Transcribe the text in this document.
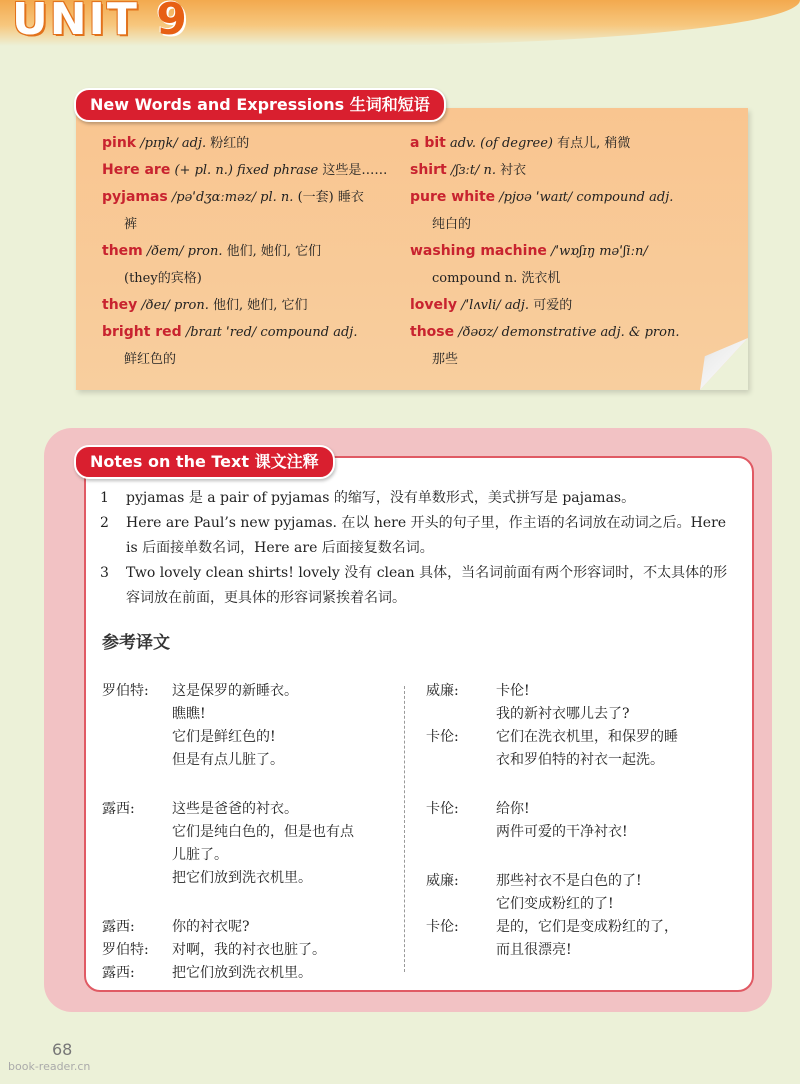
UNIT 9
New Words and Expressions 生词和短语
pink /pɪŋk/ adj. 粉红的
Here are (+ pl. n.) fixed phrase 这些是……
pyjamas /pəˈdʒɑːməz/ pl. n. (一套) 睡衣
裤
them /ðem/ pron. 他们, 她们, 它们
(they的宾格)
they /ðeɪ/ pron. 他们, 她们, 它们
bright red /braɪt ˈred/ compound adj.
鲜红色的
a bit adv. (of degree) 有点儿, 稍微
shirt /ʃɜːt/ n. 衬衣
pure white /pjʊə ˈwaɪt/ compound adj.
纯白的
washing machine /ˈwɒʃɪŋ məˈʃiːn/
compound n. 洗衣机
lovely /ˈlʌvli/ adj. 可爱的
those /ðəʊz/ demonstrative adj. & pron.
那些
Notes on the Text 课文注释
1	pyjamas 是 a pair of pyjamas 的缩写，没有单数形式，美式拼写是 pajamas。
2	Here are Paul’s new pyjamas. 在以 here 开头的句子里，作主语的名词放在动词之后。Here is 后面接单数名词，Here are 后面接复数名词。
3	Two lovely clean shirts! lovely 没有 clean 具体，当名词前面有两个形容词时，不太具体的形容词放在前面，更具体的形容词紧挨着名词。
参考译文
罗伯特:	这是保罗的新睡衣。
瞧瞧!
它们是鲜红色的!
但是有点儿脏了。
露西:	这些是爸爸的衬衣。
它们是纯白色的，但是也有点
儿脏了。
把它们放到洗衣机里。
露西:	你的衬衣呢?
罗伯特:	对啊，我的衬衣也脏了。
露西:	把它们放到洗衣机里。
威廉:	卡伦!
我的新衬衣哪儿去了?
卡伦:	它们在洗衣机里，和保罗的睡
衣和罗伯特的衬衣一起洗。
卡伦:	给你!
两件可爱的干净衬衣!
威廉:	那些衬衣不是白色的了!
它们变成粉红的了!
卡伦:	是的，它们是变成粉红的了，
而且很漂亮!
68
book-reader.cn
